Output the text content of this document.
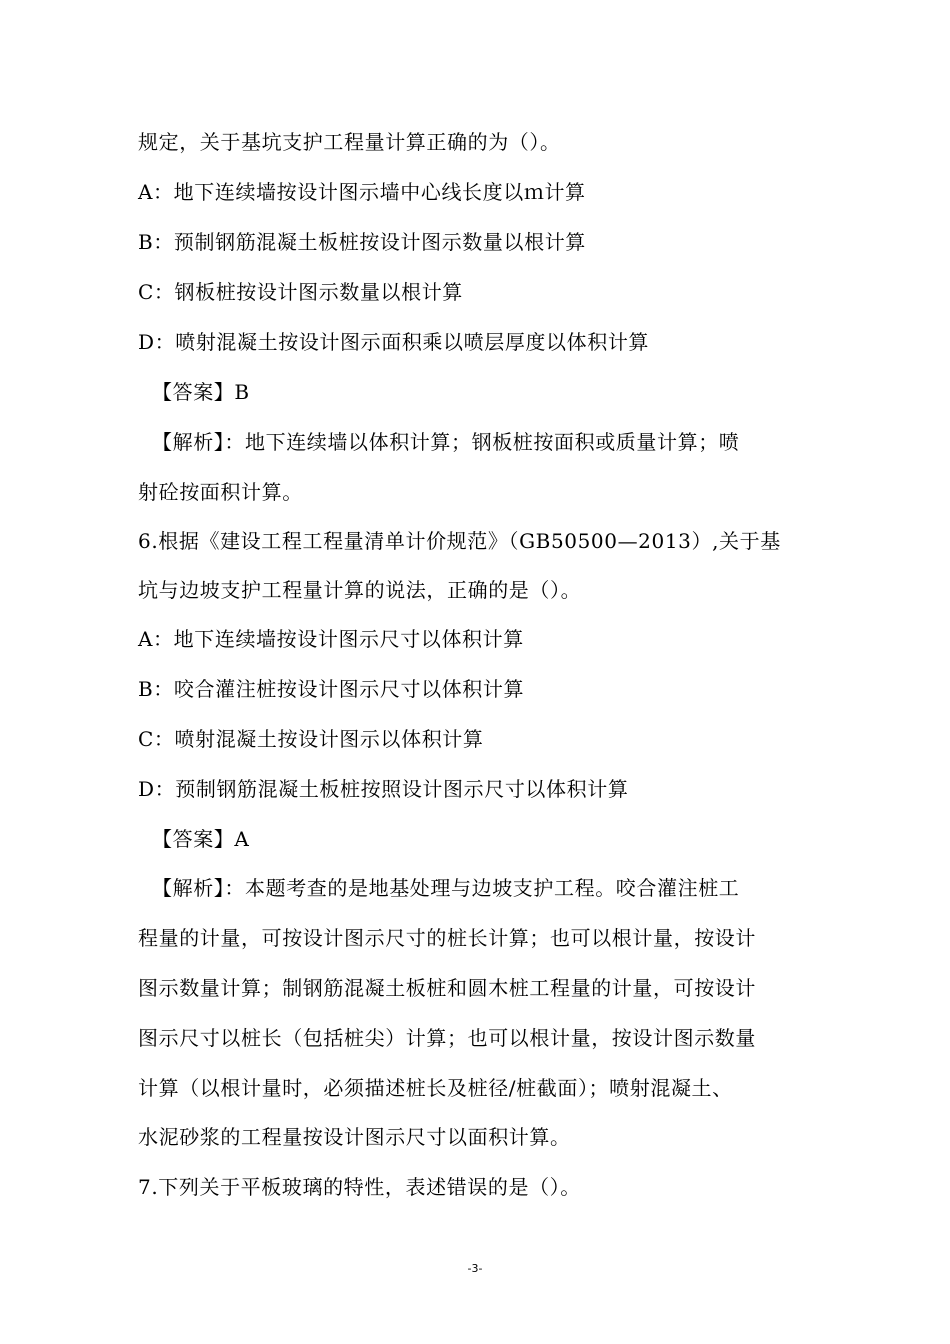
规定，关于基坑支护工程量计算正确的为（）。
A：地下连续墙按设计图示墙中心线长度以ｍ计算
B：预制钢筋混凝土板桩按设计图示数量以根计算
C：钢板桩按设计图示数量以根计算
D：喷射混凝土按设计图示面积乘以喷层厚度以体积计算
【答案】B
【解析】：地下连续墙以体积计算；钢板桩按面积或质量计算；喷
射砼按面积计算。
6.根据《建设工程工程量清单计价规范》（GB50500—2013）,关于基
坑与边坡支护工程量计算的说法，正确的是（）。
A：地下连续墙按设计图示尺寸以体积计算
B：咬合灌注桩按设计图示尺寸以体积计算
C：喷射混凝土按设计图示以体积计算
D：预制钢筋混凝土板桩按照设计图示尺寸以体积计算
【答案】A
【解析】：本题考查的是地基处理与边坡支护工程。咬合灌注桩工
程量的计量，可按设计图示尺寸的桩长计算；也可以根计量，按设计
图示数量计算；制钢筋混凝土板桩和圆木桩工程量的计量，可按设计
图示尺寸以桩长（包括桩尖）计算；也可以根计量，按设计图示数量
计算（以根计量时，必须描述桩长及桩径/桩截面）；喷射混凝土、
水泥砂浆的工程量按设计图示尺寸以面积计算。
7.下列关于平板玻璃的特性，表述错误的是（）。
-3-
